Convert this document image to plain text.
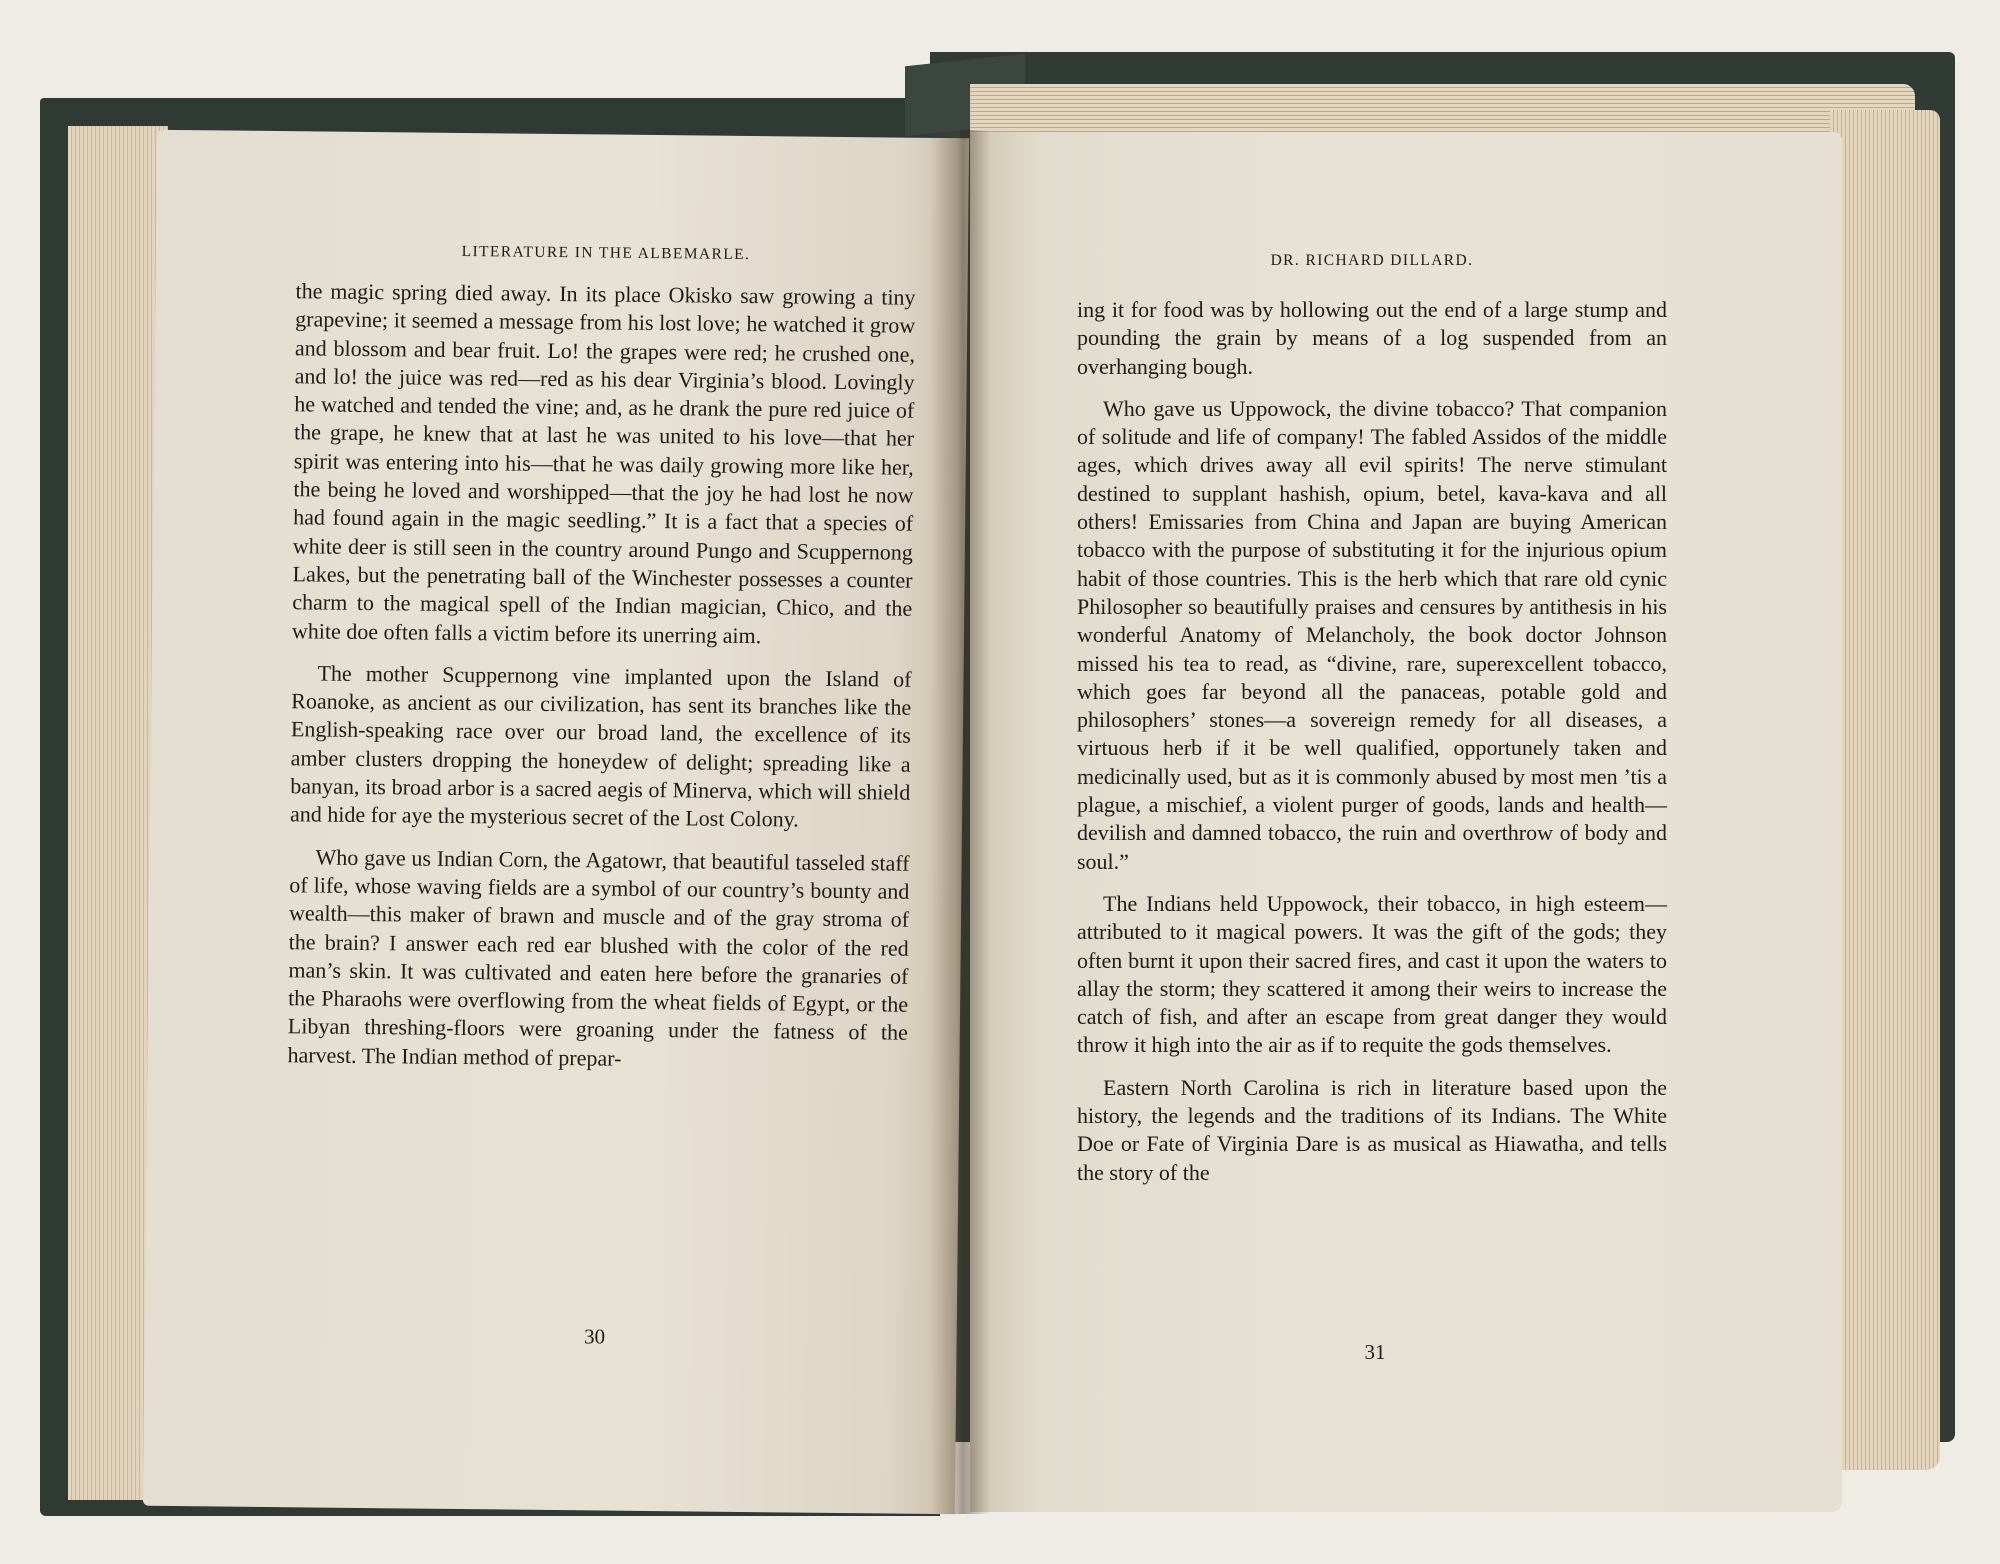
LITERATURE IN THE ALBEMARLE.

the magic spring died away. In its place Okisko saw growing a tiny grapevine; it seemed a message from his lost love; he watched it grow and blossom and bear fruit. Lo! the grapes were red; he crushed one, and lo! the juice was red—red as his dear Virginia’s blood. Lovingly he watched and tended the vine; and, as he drank the pure red juice of the grape, he knew that at last he was united to his love—that her spirit was entering into his—that he was daily growing more like her, the being he loved and worshipped—that the joy he had lost he now had found again in the magic seedling.” It is a fact that a species of white deer is still seen in the country around Pungo and Scuppernong Lakes, but the penetrating ball of the Winchester possesses a counter charm to the magical spell of the Indian magician, Chico, and the white doe often falls a victim before its unerring aim.

The mother Scuppernong vine implanted upon the Island of Roanoke, as ancient as our civilization, has sent its branches like the English-speaking race over our broad land, the excellence of its amber clusters dropping the honeydew of delight; spreading like a banyan, its broad arbor is a sacred aegis of Minerva, which will shield and hide for aye the mysterious secret of the Lost Colony.

Who gave us Indian Corn, the Agatowr, that beautiful tasseled staff of life, whose waving fields are a symbol of our country’s bounty and wealth—this maker of brawn and muscle and of the gray stroma of the brain? I answer each red ear blushed with the color of the red man’s skin. It was cultivated and eaten here before the granaries of the Pharaohs were overflowing from the wheat fields of Egypt, or the Libyan threshing-floors were groaning under the fatness of the harvest. The Indian method of prepar-

30

DR. RICHARD DILLARD.

ing it for food was by hollowing out the end of a large stump and pounding the grain by means of a log suspended from an overhanging bough.

Who gave us Uppowock, the divine tobacco? That companion of solitude and life of company! The fabled Assidos of the middle ages, which drives away all evil spirits! The nerve stimulant destined to supplant hashish, opium, betel, kava-kava and all others! Emissaries from China and Japan are buying American tobacco with the purpose of substituting it for the injurious opium habit of those countries. This is the herb which that rare old cynic Philosopher so beautifully praises and censures by antithesis in his wonderful Anatomy of Melancholy, the book doctor Johnson missed his tea to read, as “divine, rare, superexcellent tobacco, which goes far beyond all the panaceas, potable gold and philosophers’ stones—a sovereign remedy for all diseases, a virtuous herb if it be well qualified, opportunely taken and medicinally used, but as it is commonly abused by most men ’tis a plague, a mischief, a violent purger of goods, lands and health—devilish and damned tobacco, the ruin and overthrow of body and soul.”

The Indians held Uppowock, their tobacco, in high esteem—attributed to it magical powers. It was the gift of the gods; they often burnt it upon their sacred fires, and cast it upon the waters to allay the storm; they scattered it among their weirs to increase the catch of fish, and after an escape from great danger they would throw it high into the air as if to requite the gods themselves.

Eastern North Carolina is rich in literature based upon the history, the legends and the traditions of its Indians. The White Doe or Fate of Virginia Dare is as musical as Hiawatha, and tells the story of the

31
